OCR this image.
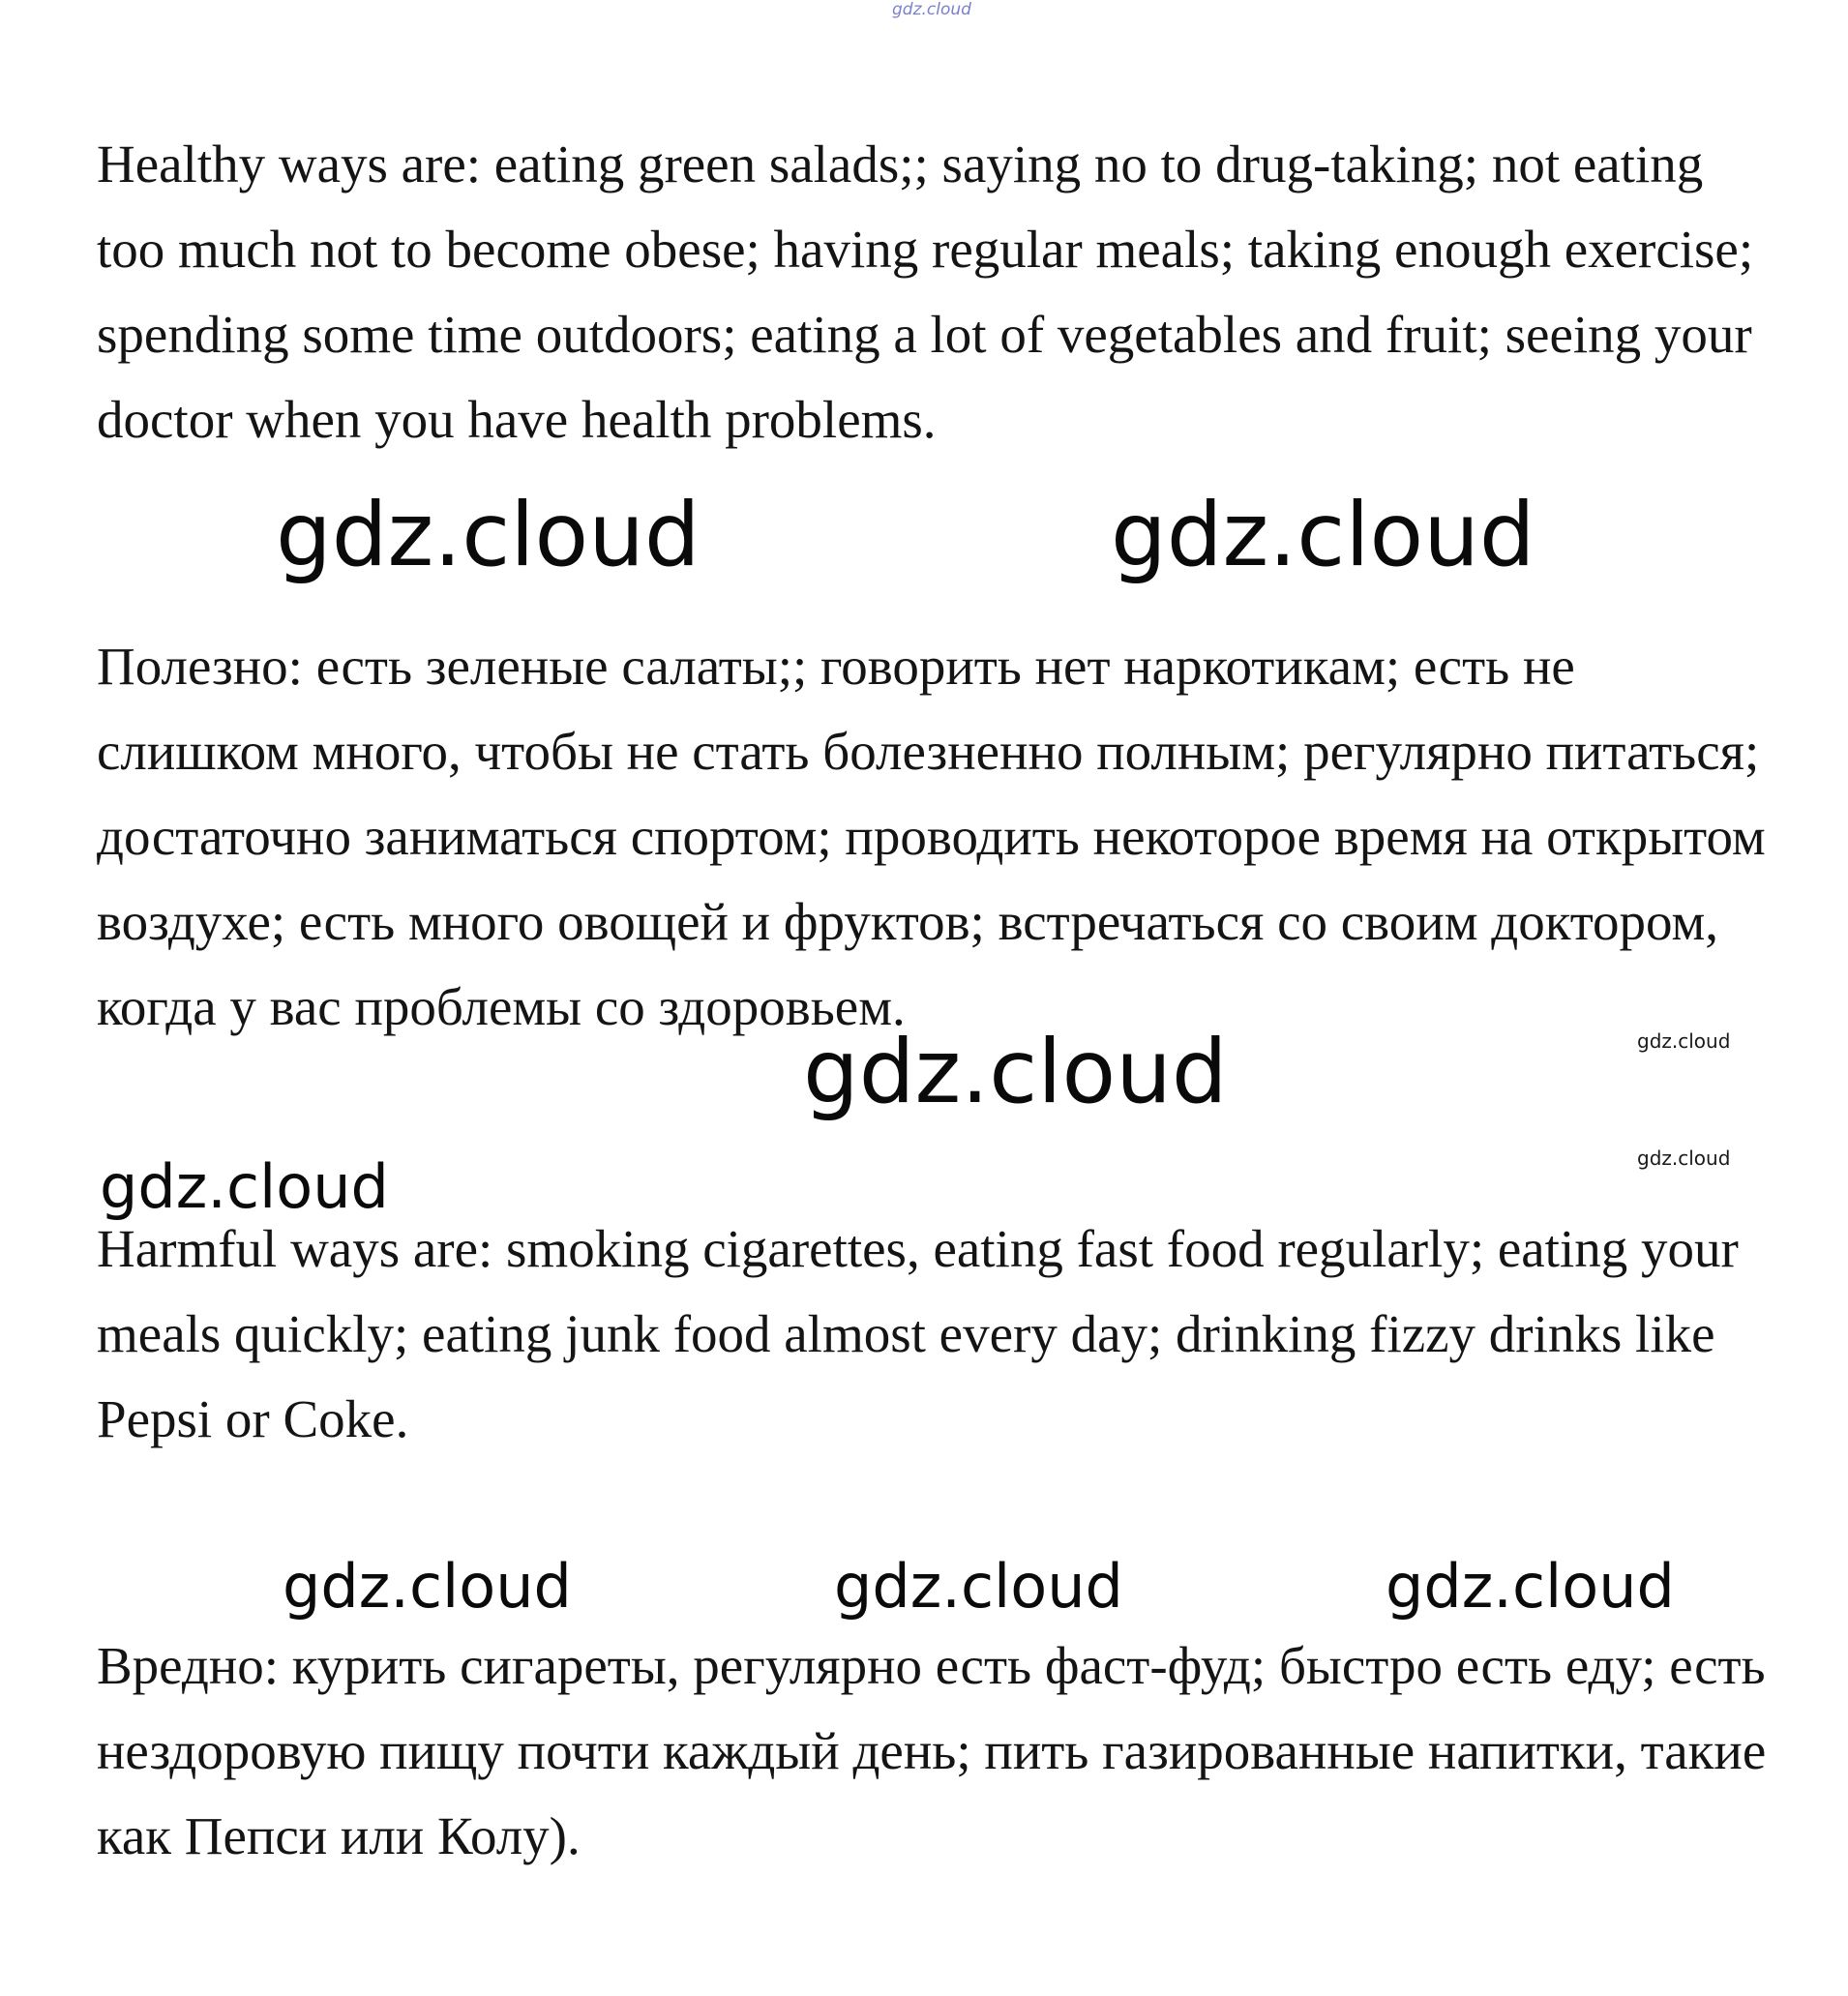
gdz.cloud

Healthy ways are: eating green salads;; saying no to drug-taking; not eating too much not to become obese; having regular meals; taking enough exercise; spending some time outdoors; eating a lot of vegetables and fruit; seeing your doctor when you have health problems.

gdz.cloud	gdz.cloud

Полезно: есть зеленые салаты;; говорить нет наркотикам; есть не слишком много, чтобы не стать болезненно полным; регулярно питаться; достаточно заниматься спортом; проводить некоторое время на открытом воздухе; есть много овощей и фруктов; встречаться со своим доктором, когда у вас проблемы со здоровьем.

gdz.cloud
gdz.cloud
gdz.cloud
gdz.cloud

Harmful ways are: smoking cigarettes, eating fast food regularly; eating your meals quickly; eating junk food almost every day; drinking fizzy drinks like Pepsi or Coke.

gdz.cloud	gdz.cloud	gdz.cloud

Вредно: курить сигареты, регулярно есть фаст-фуд; быстро есть еду; есть нездоровую пищу почти каждый день; пить газированные напитки, такие как Пепси или Колу).
